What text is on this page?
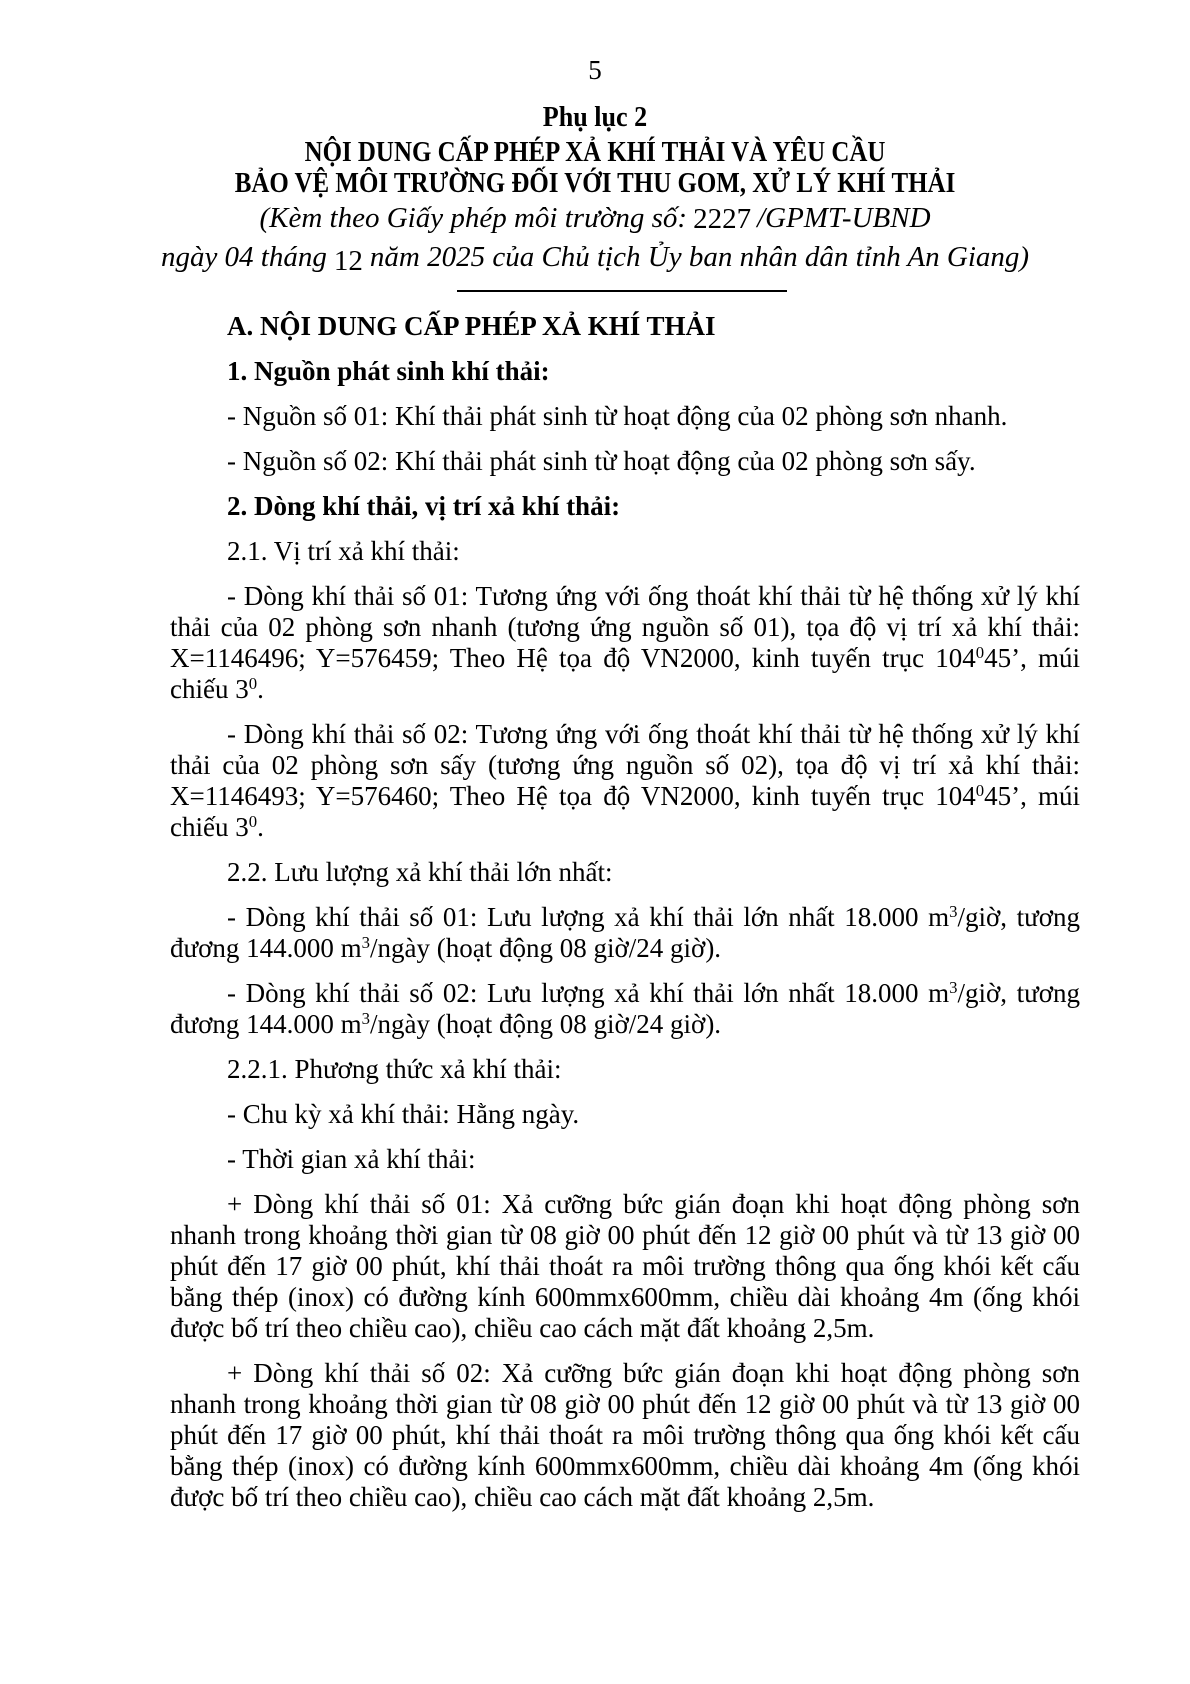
5
Phụ lục 2
NỘI DUNG CẤP PHÉP XẢ KHÍ THẢI VÀ YÊU CẦU
BẢO VỆ MÔI TRƯỜNG ĐỐI VỚI THU GOM, XỬ LÝ KHÍ THẢI
(Kèm theo Giấy phép môi trường số: 2227 /GPMT-UBND
ngày 04 tháng 12 năm 2025 của Chủ tịch Ủy ban nhân dân tỉnh An Giang)

A. NỘI DUNG CẤP PHÉP XẢ KHÍ THẢI

1. Nguồn phát sinh khí thải:

- Nguồn số 01: Khí thải phát sinh từ hoạt động của 02 phòng sơn nhanh.

- Nguồn số 02: Khí thải phát sinh từ hoạt động của 02 phòng sơn sấy.

2. Dòng khí thải, vị trí xả khí thải:

2.1. Vị trí xả khí thải:

- Dòng khí thải số 01: Tương ứng với ống thoát khí thải từ hệ thống xử lý khí thải của 02 phòng sơn nhanh (tương ứng nguồn số 01), tọa độ vị trí xả khí thải: X=1146496; Y=576459; Theo Hệ tọa độ VN2000, kinh tuyến trục $104^045$’, múi chiếu $3^0$.

- Dòng khí thải số 02: Tương ứng với ống thoát khí thải từ hệ thống xử lý khí thải của 02 phòng sơn sấy (tương ứng nguồn số 02), tọa độ vị trí xả khí thải: X=1146493; Y=576460; Theo Hệ tọa độ VN2000, kinh tuyến trục $104^045$’, múi chiếu $3^0$.

2.2. Lưu lượng xả khí thải lớn nhất:

- Dòng khí thải số 01: Lưu lượng xả khí thải lớn nhất 18.000 $m^3$/giờ, tương đương 144.000 $m^3$/ngày (hoạt động 08 giờ/24 giờ).

- Dòng khí thải số 02: Lưu lượng xả khí thải lớn nhất 18.000 $m^3$/giờ, tương đương 144.000 $m^3$/ngày (hoạt động 08 giờ/24 giờ).

2.2.1. Phương thức xả khí thải:

- Chu kỳ xả khí thải: Hằng ngày.

- Thời gian xả khí thải:

+ Dòng khí thải số 01: Xả cưỡng bức gián đoạn khi hoạt động phòng sơn nhanh trong khoảng thời gian từ 08 giờ 00 phút đến 12 giờ 00 phút và từ 13 giờ 00 phút đến 17 giờ 00 phút, khí thải thoát ra môi trường thông qua ống khói kết cấu bằng thép (inox) có đường kính 600mmx600mm, chiều dài khoảng 4m (ống khói được bố trí theo chiều cao), chiều cao cách mặt đất khoảng 2,5m.

+ Dòng khí thải số 02: Xả cưỡng bức gián đoạn khi hoạt động phòng sơn nhanh trong khoảng thời gian từ 08 giờ 00 phút đến 12 giờ 00 phút và từ 13 giờ 00 phút đến 17 giờ 00 phút, khí thải thoát ra môi trường thông qua ống khói kết cấu bằng thép (inox) có đường kính 600mmx600mm, chiều dài khoảng 4m (ống khói được bố trí theo chiều cao), chiều cao cách mặt đất khoảng 2,5m.
